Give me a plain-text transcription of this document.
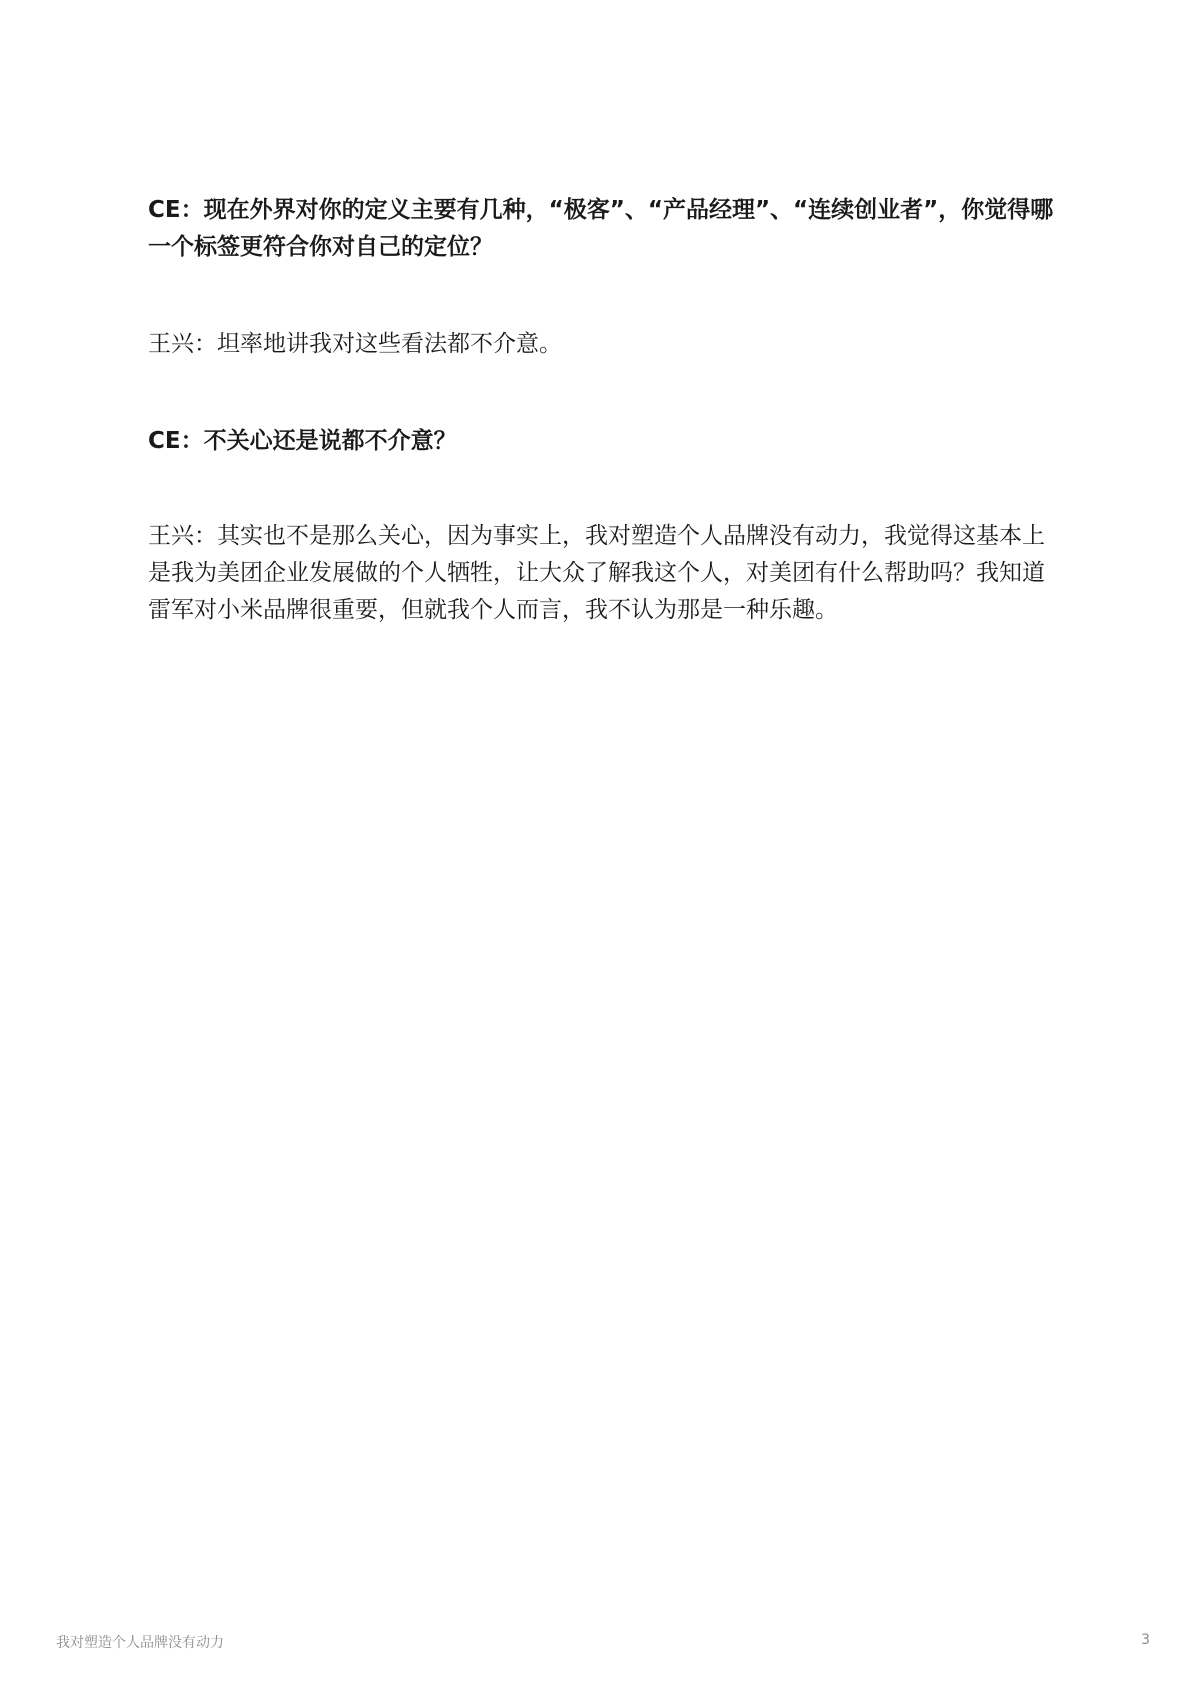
CE：现在外界对你的定义主要有几种，“极客”、“产品经理”、“连续创业者”，你觉得哪一个标签更符合你对自己的定位？

王兴：坦率地讲我对这些看法都不介意。

CE：不关心还是说都不介意？

王兴：其实也不是那么关心，因为事实上，我对塑造个人品牌没有动力，我觉得这基本上是我为美团企业发展做的个人牺牲，让大众了解我这个人，对美团有什么帮助吗？我知道雷军对小米品牌很重要，但就我个人而言，我不认为那是一种乐趣。

我对塑造个人品牌没有动力	3
